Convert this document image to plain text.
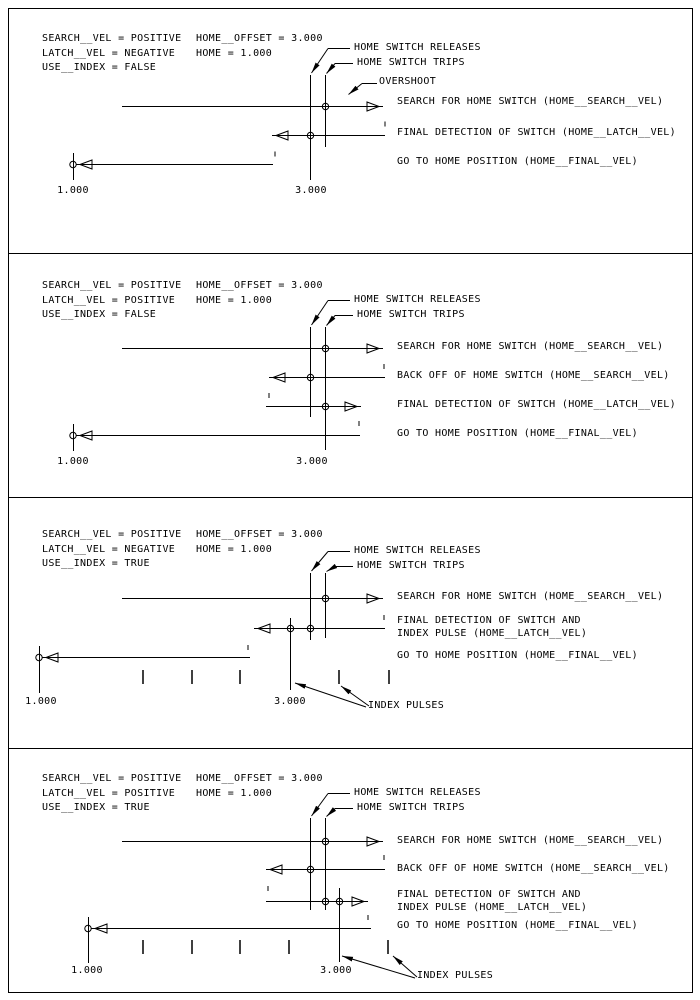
SEARCH__VEL = POSITIVE
LATCH__VEL = NEGATIVE
USE__INDEX = FALSE
HOME__OFFSET = 3.000
HOME = 1.000	HOME SWITCH RELEASES
HOME SWITCH TRIPS
OVERSHOOT
SEARCH FOR HOME SWITCH (HOME__SEARCH__VEL)
FINAL DETECTION OF SWITCH (HOME__LATCH__VEL)
GO TO HOME POSITION (HOME__FINAL__VEL)
1.000	3.000
SEARCH__VEL = POSITIVE
LATCH__VEL = POSITIVE
USE__INDEX = FALSE
HOME__OFFSET = 3.000
HOME = 1.000	HOME SWITCH RELEASES
HOME SWITCH TRIPS
SEARCH FOR HOME SWITCH (HOME__SEARCH__VEL)
BACK OFF OF HOME SWITCH (HOME__SEARCH__VEL)
FINAL DETECTION OF SWITCH (HOME__LATCH__VEL)
GO TO HOME POSITION (HOME__FINAL__VEL)
1.000	3.000
SEARCH__VEL = POSITIVE
LATCH__VEL = NEGATIVE
USE__INDEX = TRUE
HOME__OFFSET = 3.000
HOME = 1.000	HOME SWITCH RELEASES
HOME SWITCH TRIPS
SEARCH FOR HOME SWITCH (HOME__SEARCH__VEL)
FINAL DETECTION OF SWITCH AND
INDEX PULSE (HOME__LATCH__VEL)
GO TO HOME POSITION (HOME__FINAL__VEL)
1.000	3.000	INDEX PULSES
SEARCH__VEL = POSITIVE
LATCH__VEL = POSITIVE
USE__INDEX = TRUE
HOME__OFFSET = 3.000
HOME = 1.000	HOME SWITCH RELEASES
HOME SWITCH TRIPS
SEARCH FOR HOME SWITCH (HOME__SEARCH__VEL)
BACK OFF OF HOME SWITCH (HOME__SEARCH__VEL)
FINAL DETECTION OF SWITCH AND
INDEX PULSE (HOME__LATCH__VEL)
GO TO HOME POSITION (HOME__FINAL__VEL)
1.000	3.000	INDEX PULSES
